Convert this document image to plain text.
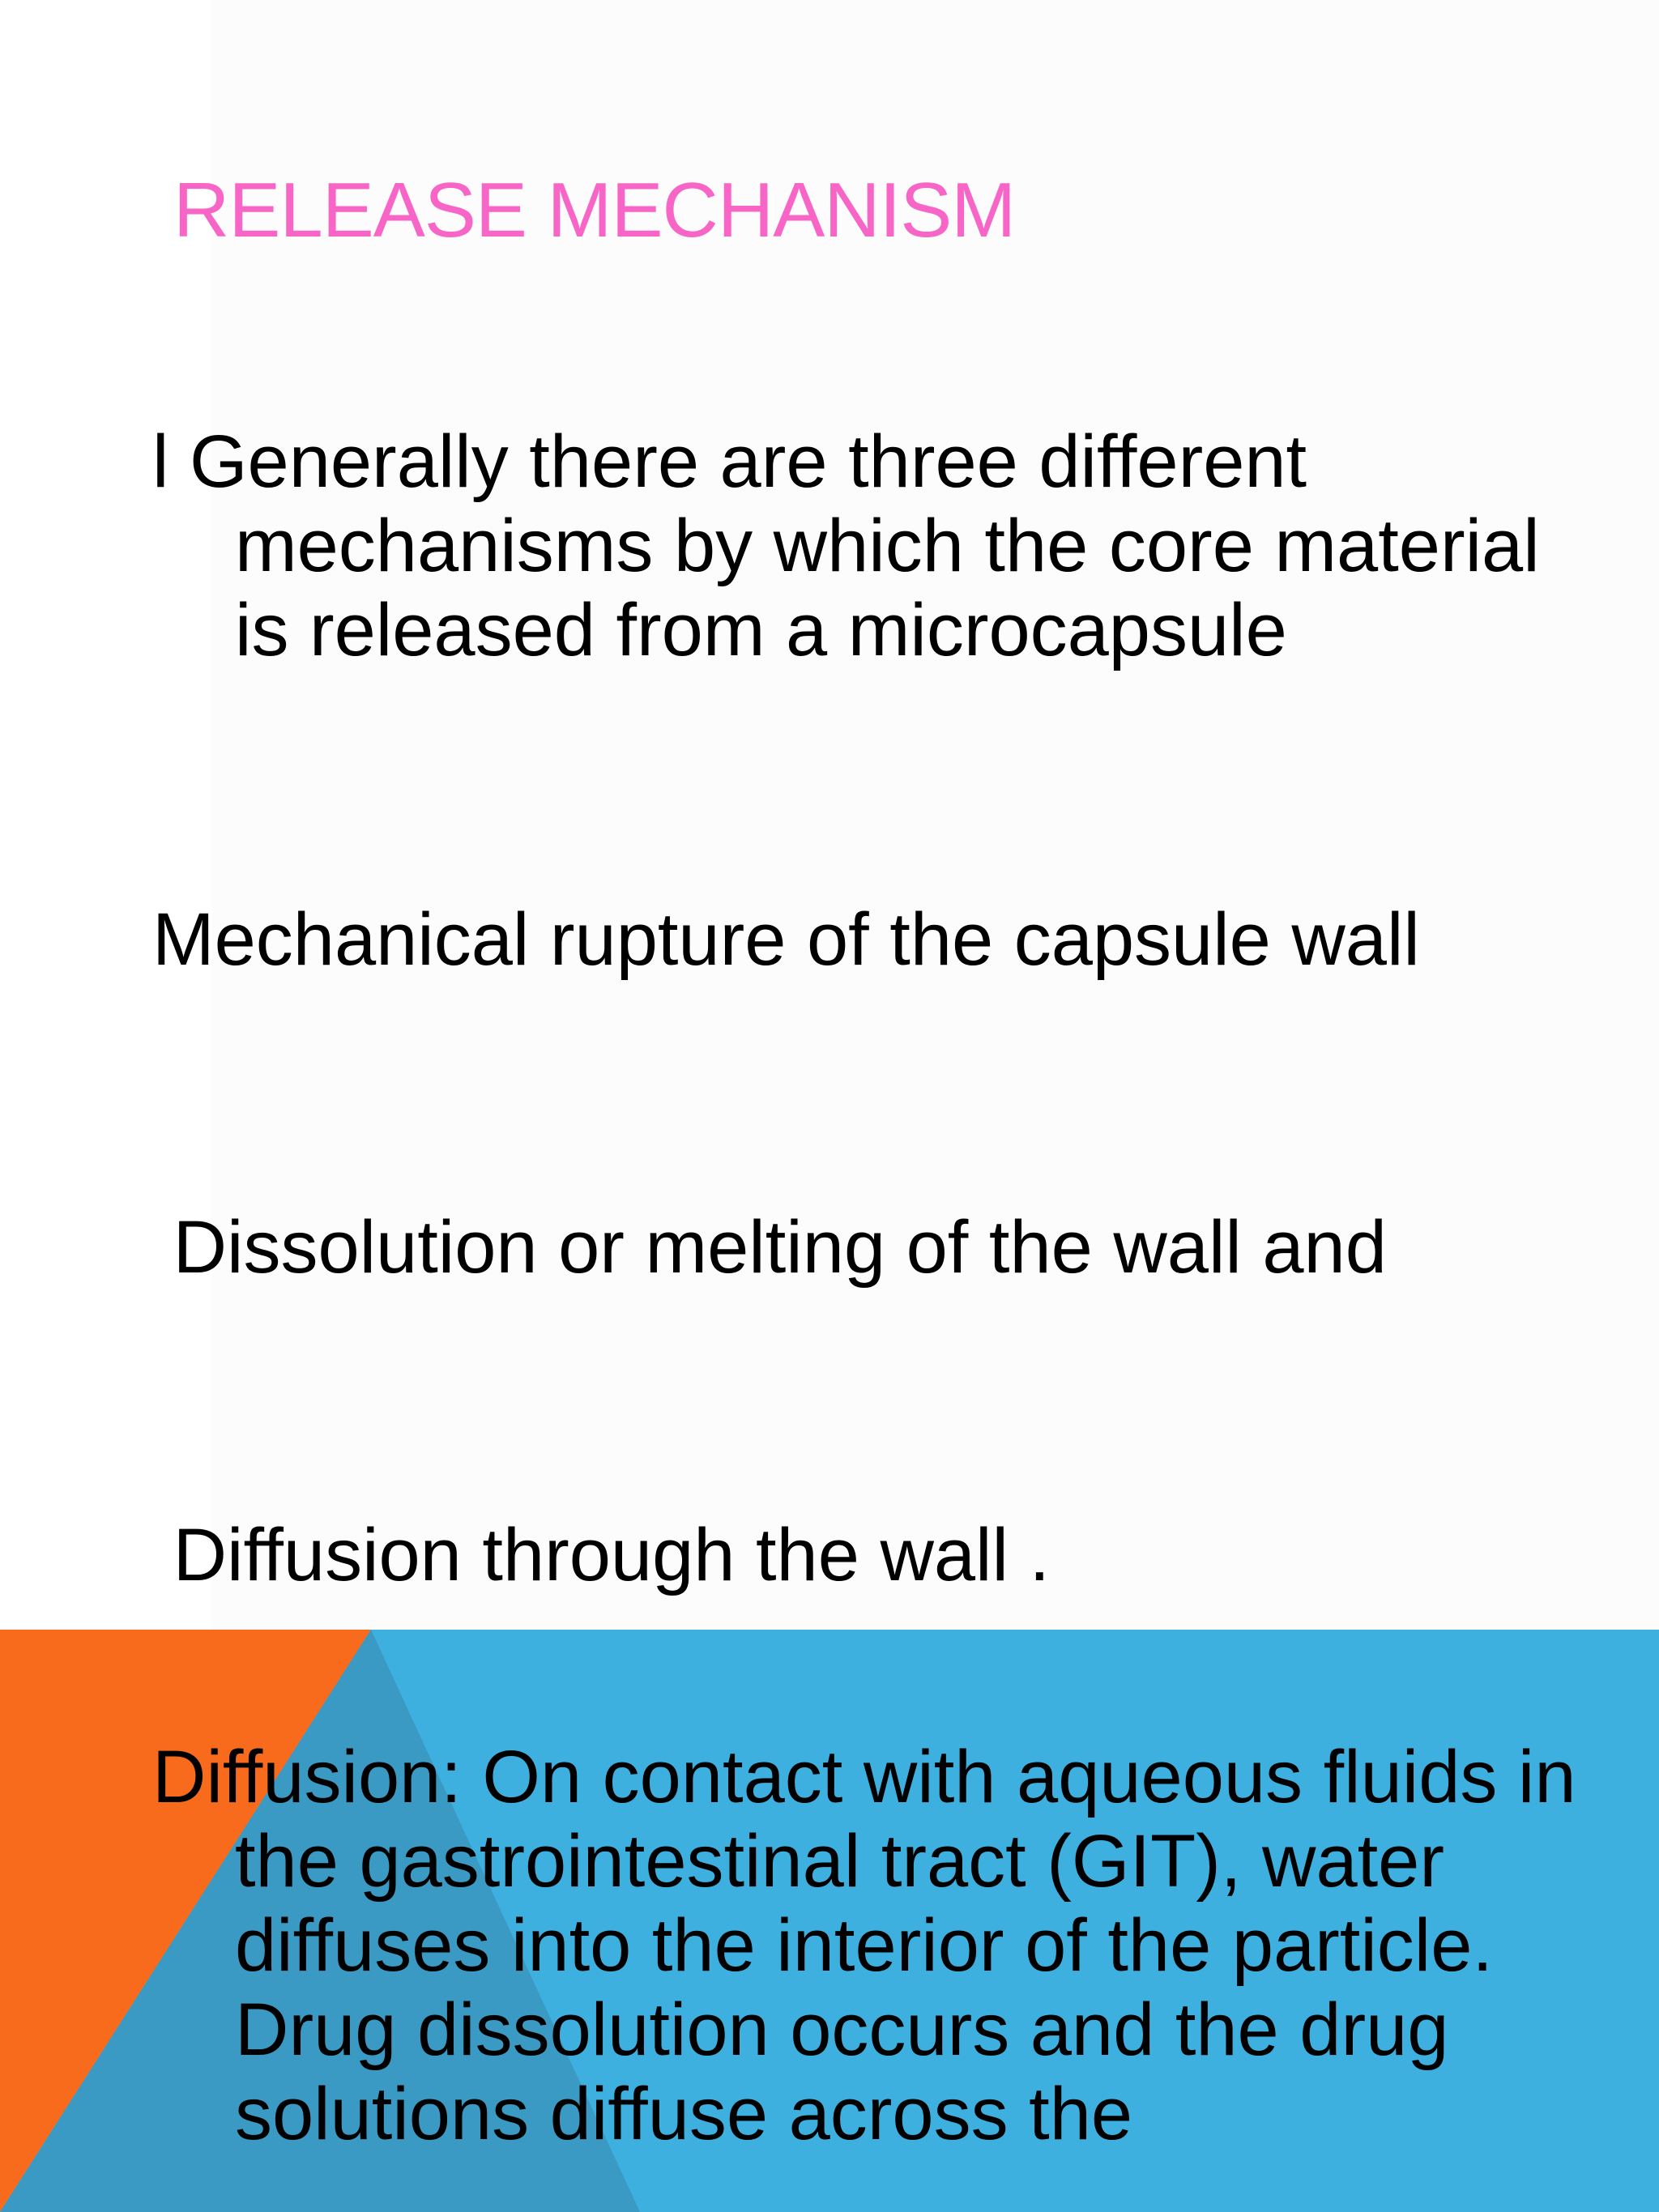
RELEASE MECHANISM

l Generally there are three different mechanisms by which the core material is released from a microcapsule

Mechanical rupture of the capsule wall

Dissolution or melting of the wall and

Diffusion through the wall .

Diffusion: On contact with aqueous fluids in the gastrointestinal tract (GIT), water diffuses into the interior of the particle. Drug dissolution occurs and the drug solutions diffuse across the
